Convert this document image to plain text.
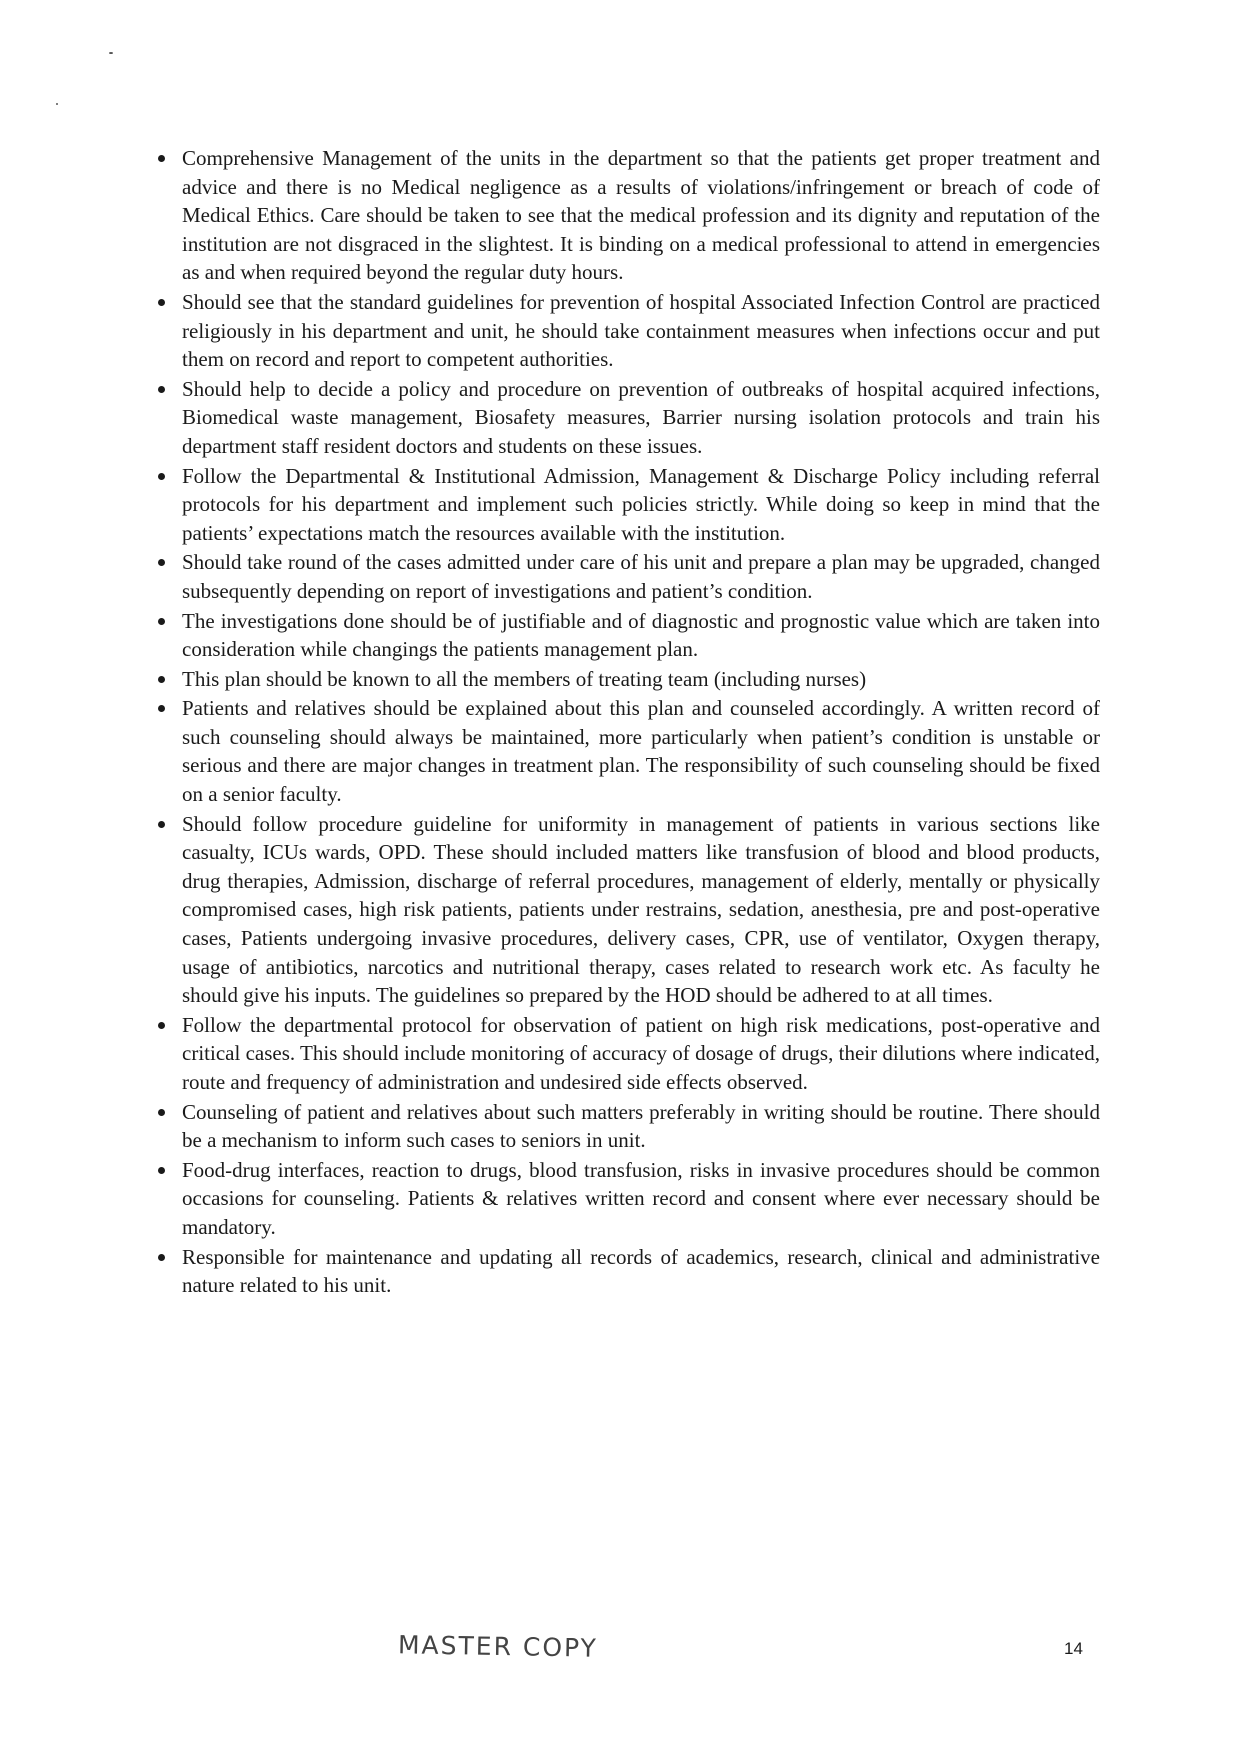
Comprehensive Management of the units in the department so that the patients get proper treatment and advice and there is no Medical negligence as a results of violations/infringement or breach of code of Medical Ethics. Care should be taken to see that the medical profession and its dignity and reputation of the institution are not disgraced in the slightest. It is binding on a medical professional to attend in emergencies as and when required beyond the regular duty hours.
Should see that the standard guidelines for prevention of hospital Associated Infection Control are practiced religiously in his department and unit, he should take containment measures when infections occur and put them on record and report to competent authorities.
Should help to decide a policy and procedure on prevention of outbreaks of hospital acquired infections, Biomedical waste management, Biosafety measures, Barrier nursing isolation protocols and train his department staff resident doctors and students on these issues.
Follow the Departmental & Institutional Admission, Management & Discharge Policy including referral protocols for his department and implement such policies strictly. While doing so keep in mind that the patients’ expectations match the resources available with the institution.
Should take round of the cases admitted under care of his unit and prepare a plan may be upgraded, changed subsequently depending on report of investigations and patient’s condition.
The investigations done should be of justifiable and of diagnostic and prognostic value which are taken into consideration while changings the patients management plan.
This plan should be known to all the members of treating team (including nurses)
Patients and relatives should be explained about this plan and counseled accordingly. A written record of such counseling should always be maintained, more particularly when patient’s condition is unstable or serious and there are major changes in treatment plan. The responsibility of such counseling should be fixed on a senior faculty.
Should follow procedure guideline for uniformity in management of patients in various sections like casualty, ICUs wards, OPD. These should included matters like transfusion of blood and blood products, drug therapies, Admission, discharge of referral procedures, management of elderly, mentally or physically compromised cases, high risk patients, patients under restrains, sedation, anesthesia, pre and post-operative cases, Patients undergoing invasive procedures, delivery cases, CPR, use of ventilator, Oxygen therapy, usage of antibiotics, narcotics and nutritional therapy, cases related to research work etc. As faculty he should give his inputs. The guidelines so prepared by the HOD should be adhered to at all times.
Follow the departmental protocol for observation of patient on high risk medications, post-operative and critical cases. This should include monitoring of accuracy of dosage of drugs, their dilutions where indicated, route and frequency of administration and undesired side effects observed.
Counseling of patient and relatives about such matters preferably in writing should be routine. There should be a mechanism to inform such cases to seniors in unit.
Food-drug interfaces, reaction to drugs, blood transfusion, risks in invasive procedures should be common occasions for counseling. Patients & relatives written record and consent where ever necessary should be mandatory.
Responsible for maintenance and updating all records of academics, research, clinical and administrative nature related to his unit.
MASTER COPY	14
